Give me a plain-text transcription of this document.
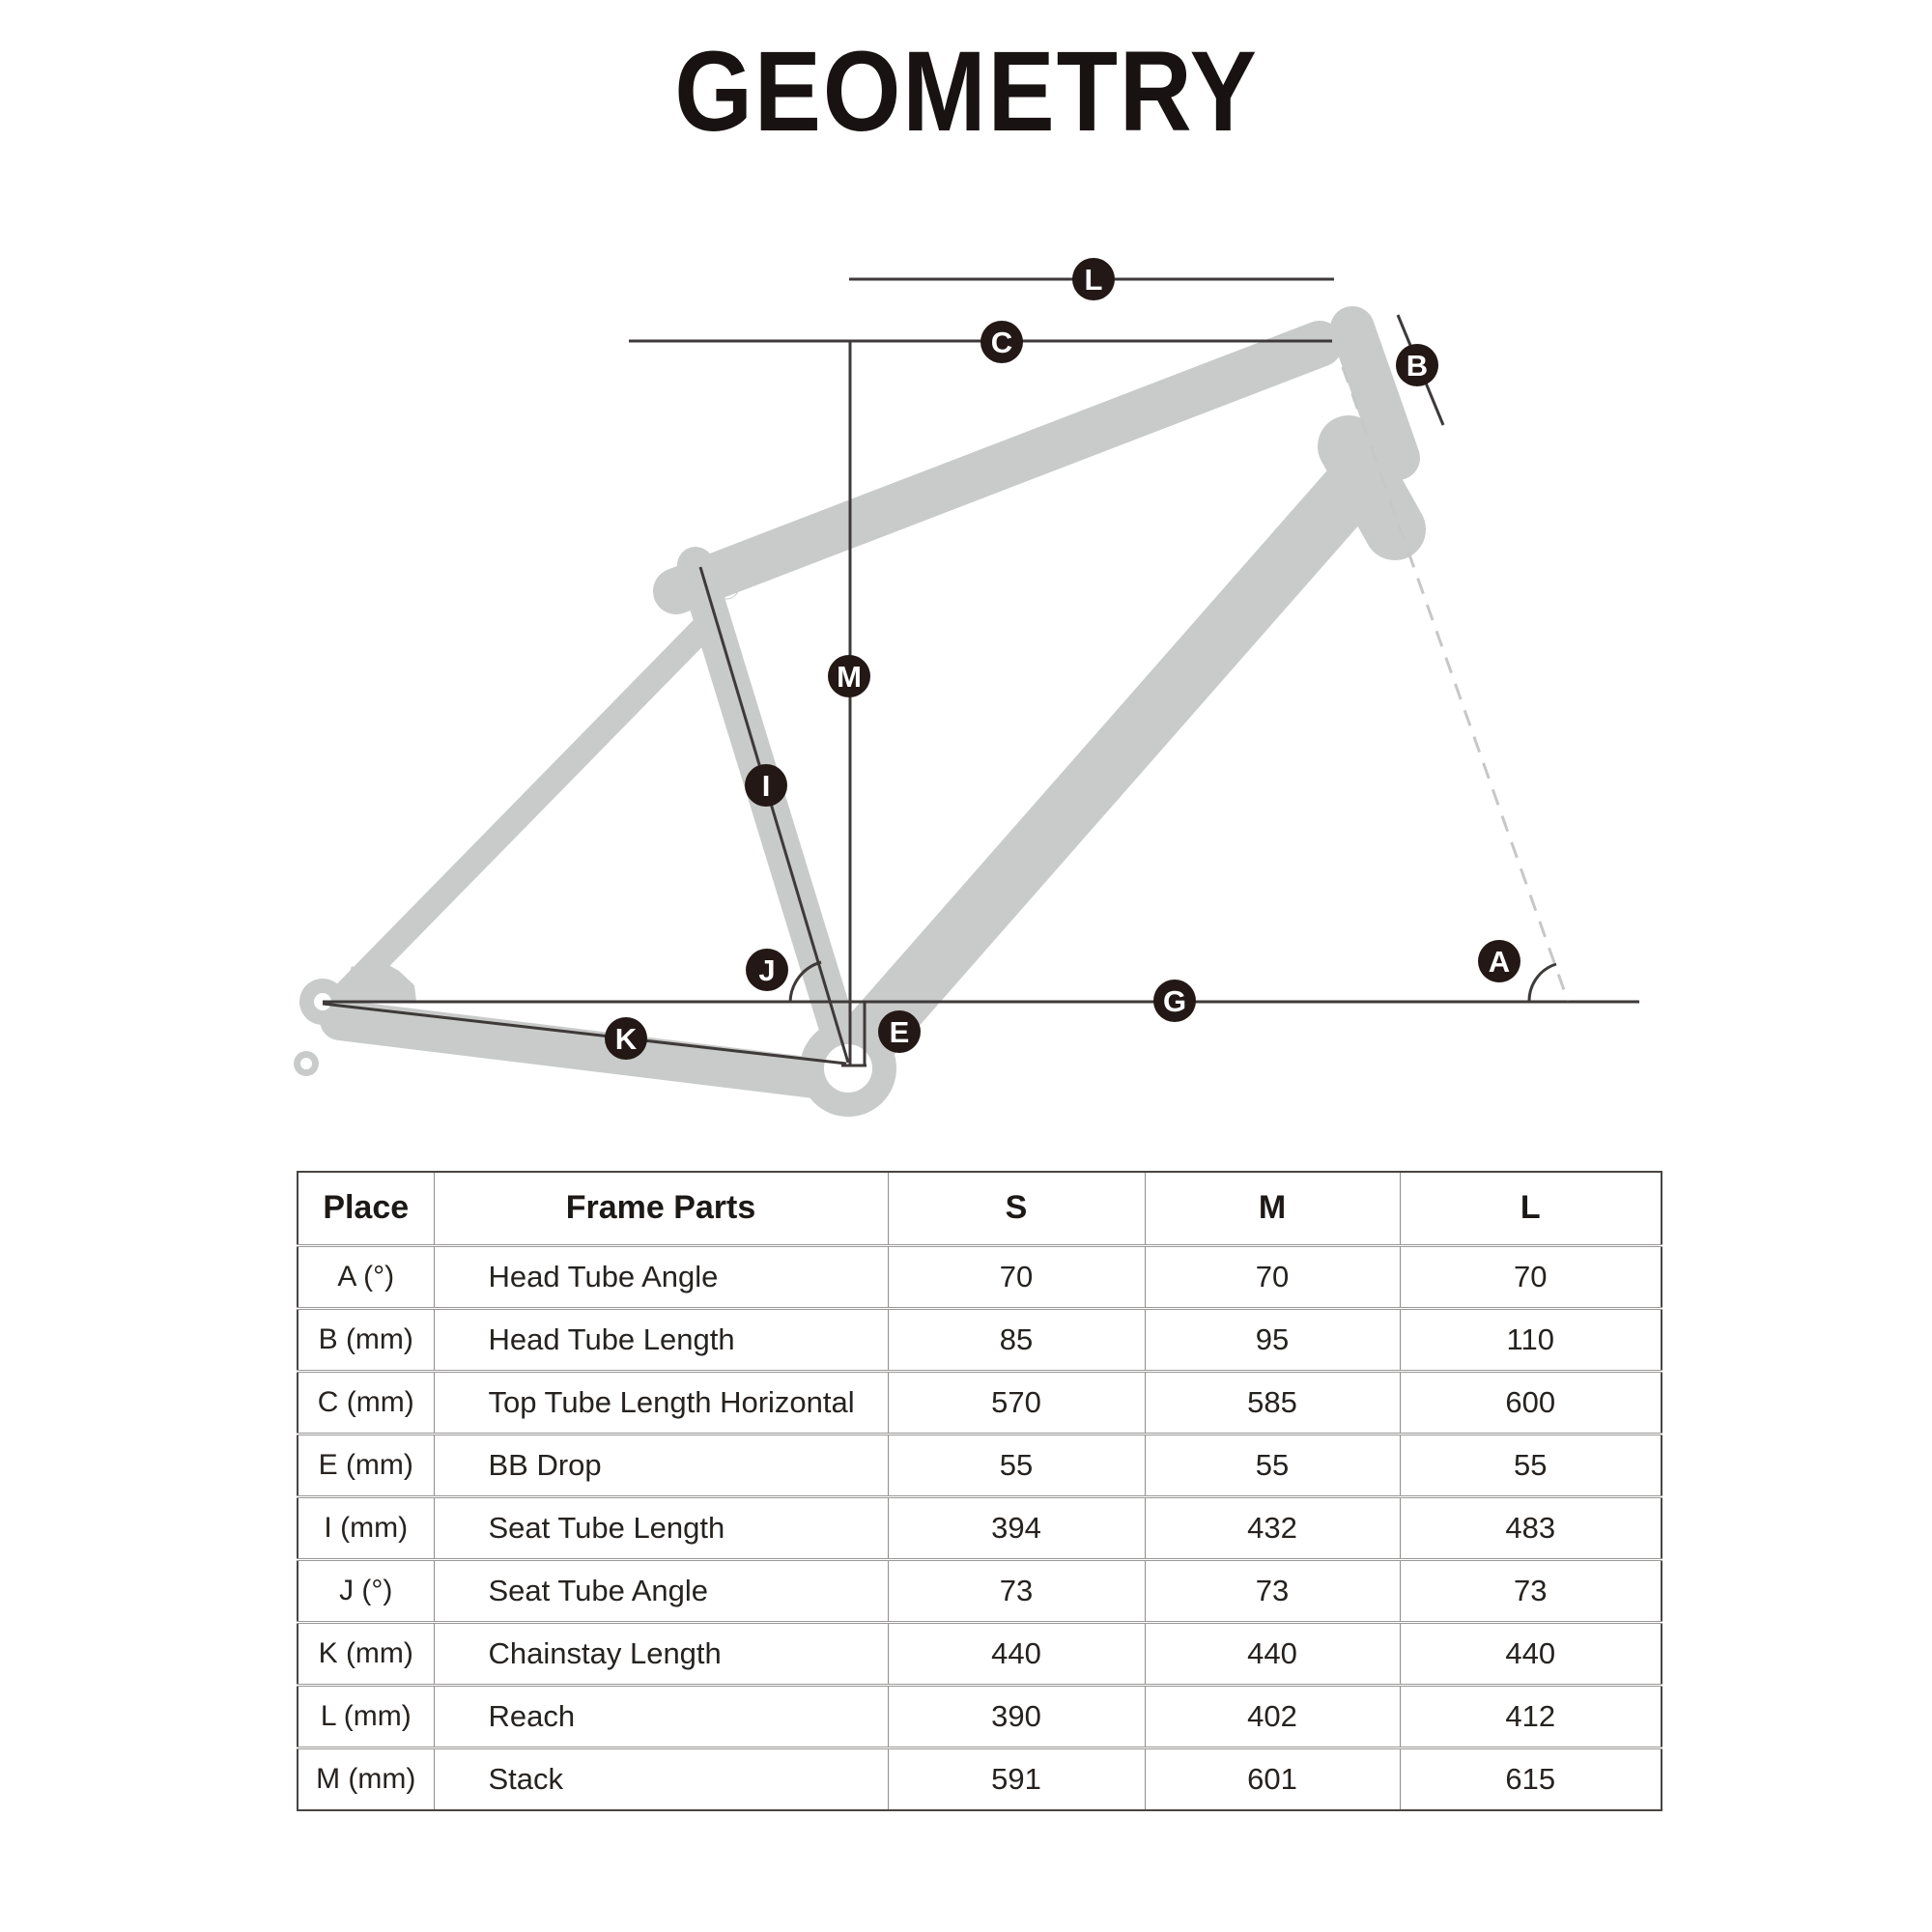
GEOMETRY
L
C
B
M
I
J
E
K
G
A
Place	Frame Parts	S	M	L
A (°)	Head Tube Angle	70	70	70
B (mm)	Head Tube Length	85	95	110
C (mm)	Top Tube Length Horizontal	570	585	600
E (mm)	BB Drop	55	55	55
I (mm)	Seat Tube Length	394	432	483
J (°)	Seat Tube Angle	73	73	73
K (mm)	Chainstay Length	440	440	440
L (mm)	Reach	390	402	412
M (mm)	Stack	591	601	615
